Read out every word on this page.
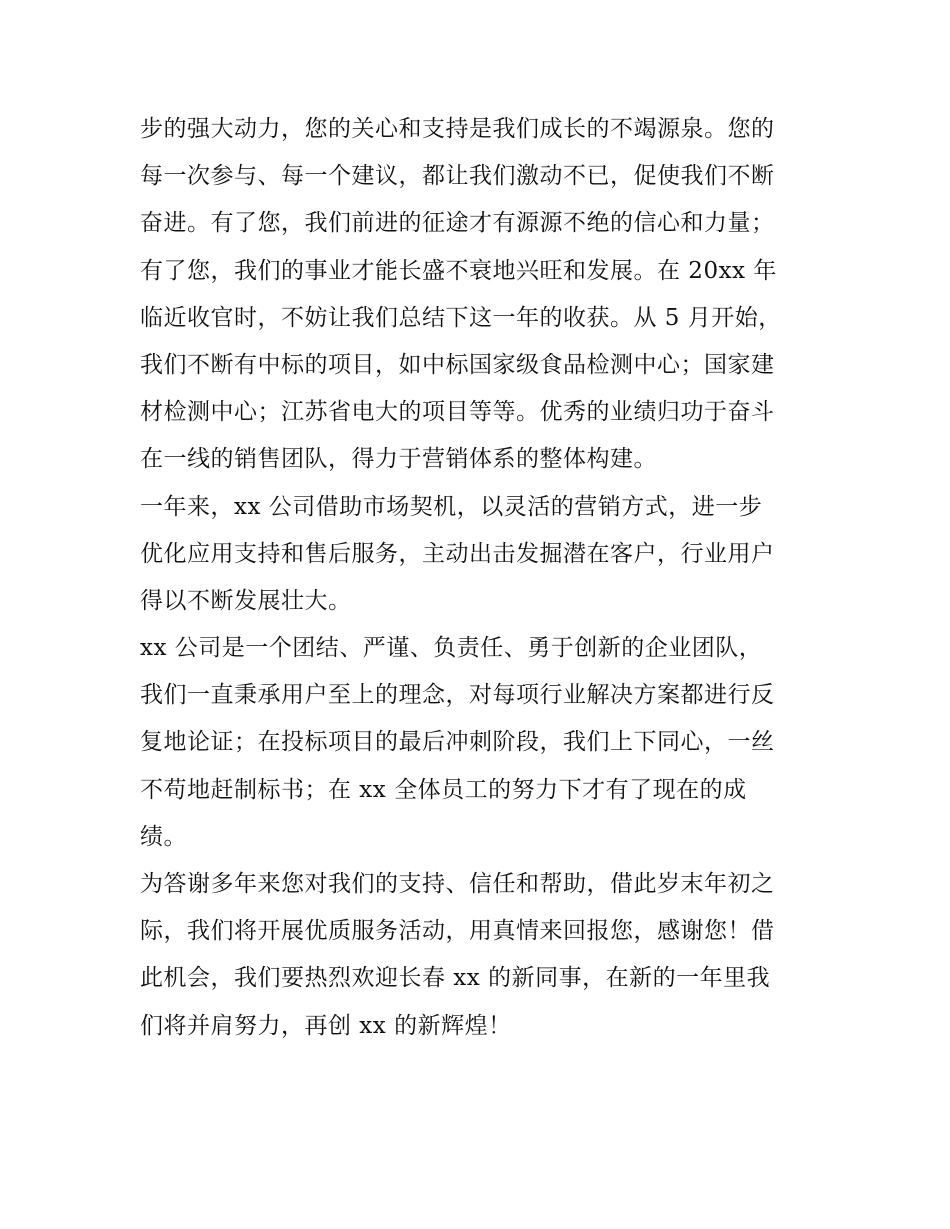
步的强大动力，您的关心和支持是我们成长的不竭源泉。您的
每一次参与、每一个建议，都让我们激动不已，促使我们不断
奋进。有了您，我们前进的征途才有源源不绝的信心和力量；
有了您，我们的事业才能长盛不衰地兴旺和发展。在 20xx 年
临近收官时，不妨让我们总结下这一年的收获。从 5 月开始，
我们不断有中标的项目，如中标国家级食品检测中心；国家建
材检测中心；江苏省电大的项目等等。优秀的业绩归功于奋斗
在一线的销售团队，得力于营销体系的整体构建。
一年来，xx 公司借助市场契机，以灵活的营销方式，进一步
优化应用支持和售后服务，主动出击发掘潜在客户，行业用户
得以不断发展壮大。
xx 公司是一个团结、严谨、负责任、勇于创新的企业团队，
我们一直秉承用户至上的理念，对每项行业解决方案都进行反
复地论证；在投标项目的最后冲刺阶段，我们上下同心，一丝
不苟地赶制标书；在 xx 全体员工的努力下才有了现在的成
绩。
为答谢多年来您对我们的支持、信任和帮助，借此岁末年初之
际，我们将开展优质服务活动，用真情来回报您，感谢您！借
此机会，我们要热烈欢迎长春 xx 的新同事，在新的一年里我
们将并肩努力，再创 xx 的新辉煌！
